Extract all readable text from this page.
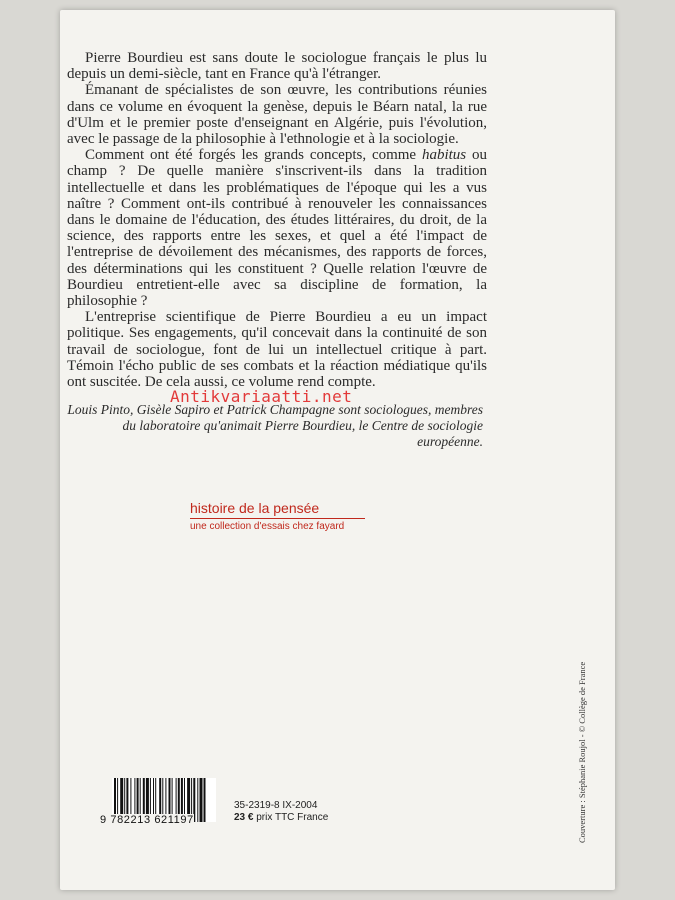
Pierre Bourdieu est sans doute le sociologue français le plus lu depuis un demi-siècle, tant en France qu'à l'étranger.

Émanant de spécialistes de son œuvre, les contributions réunies dans ce volume en évoquent la genèse, depuis le Béarn natal, la rue d'Ulm et le premier poste d'enseignant en Algérie, puis l'évolution, avec le passage de la philosophie à l'ethnologie et à la sociologie.

Comment ont été forgés les grands concepts, comme habitus ou champ ? De quelle manière s'inscrivent-ils dans la tradition intellectuelle et dans les problématiques de l'époque qui les a vus naître ? Comment ont-ils contribué à renouveler les connaissances dans le domaine de l'éducation, des études littéraires, du droit, de la science, des rapports entre les sexes, et quel a été l'impact de l'entreprise de dévoilement des mécanismes, des rapports de forces, des déterminations qui les constituent ? Quelle relation l'œuvre de Bourdieu entretient-elle avec sa discipline de formation, la philosophie ?

L'entreprise scientifique de Pierre Bourdieu a eu un impact politique. Ses engagements, qu'il concevait dans la continuité de son travail de sociologue, font de lui un intellectuel critique à part. Témoin l'écho public de ses combats et la réaction médiatique qu'ils ont suscitée. De cela aussi, ce volume rend compte.

Antikvariaatti.net
Louis Pinto, Gisèle Sapiro et Patrick Champagne sont sociologues, membres
du laboratoire qu'animait Pierre Bourdieu, le Centre de sociologie européenne.
histoire de la pensée
une collection d'essais chez fayard
9 782213 621197
35-2319-8 IX-2004
23 € prix TTC France	Couverture : Stéphanie Roujol - © Collège de France
